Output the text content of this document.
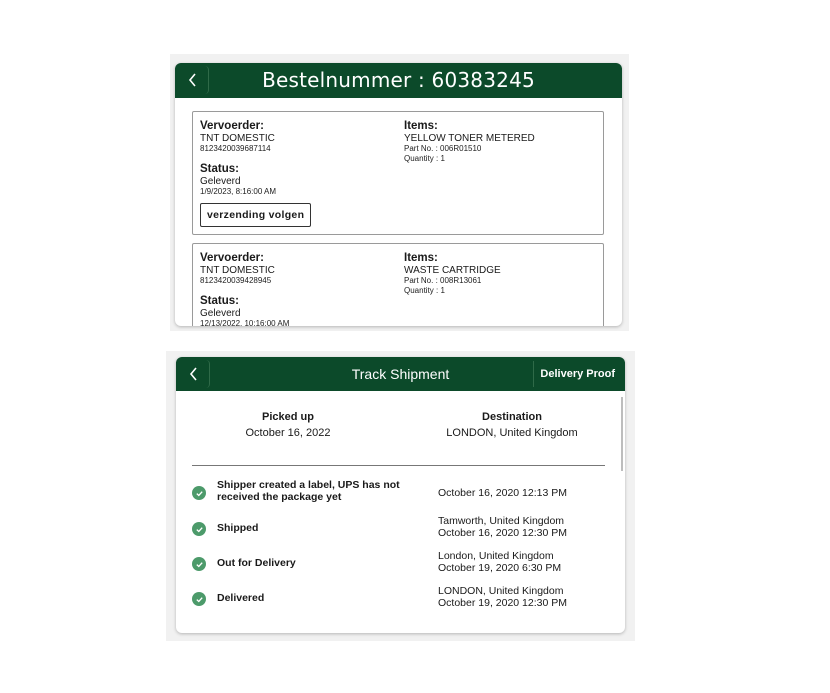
Bestelnummer : 60383245
Vervoerder:
TNT DOMESTIC
8123420039687114
Status:
Geleverd
1/9/2023, 8:16:00 AM
Items:
YELLOW TONER METERED
Part No. : 006R01510
Quantity : 1
verzending volgen
Vervoerder:
TNT DOMESTIC
8123420039428945
Status:
Geleverd
12/13/2022, 10:16:00 AM
Items:
WASTE CARTRIDGE
Part No. : 008R13061
Quantity : 1
Track Shipment	Delivery Proof
Picked up
October 16, 2022
Destination
LONDON, United Kingdom
Shipper created a label, UPS has not received the package yet	October 16, 2020 12:13 PM
Shipped
Tamworth, United Kingdom
October 16, 2020 12:30 PM
Out for Delivery
London, United Kingdom
October 19, 2020 6:30 PM
Delivered
LONDON, United Kingdom
October 19, 2020 12:30 PM
